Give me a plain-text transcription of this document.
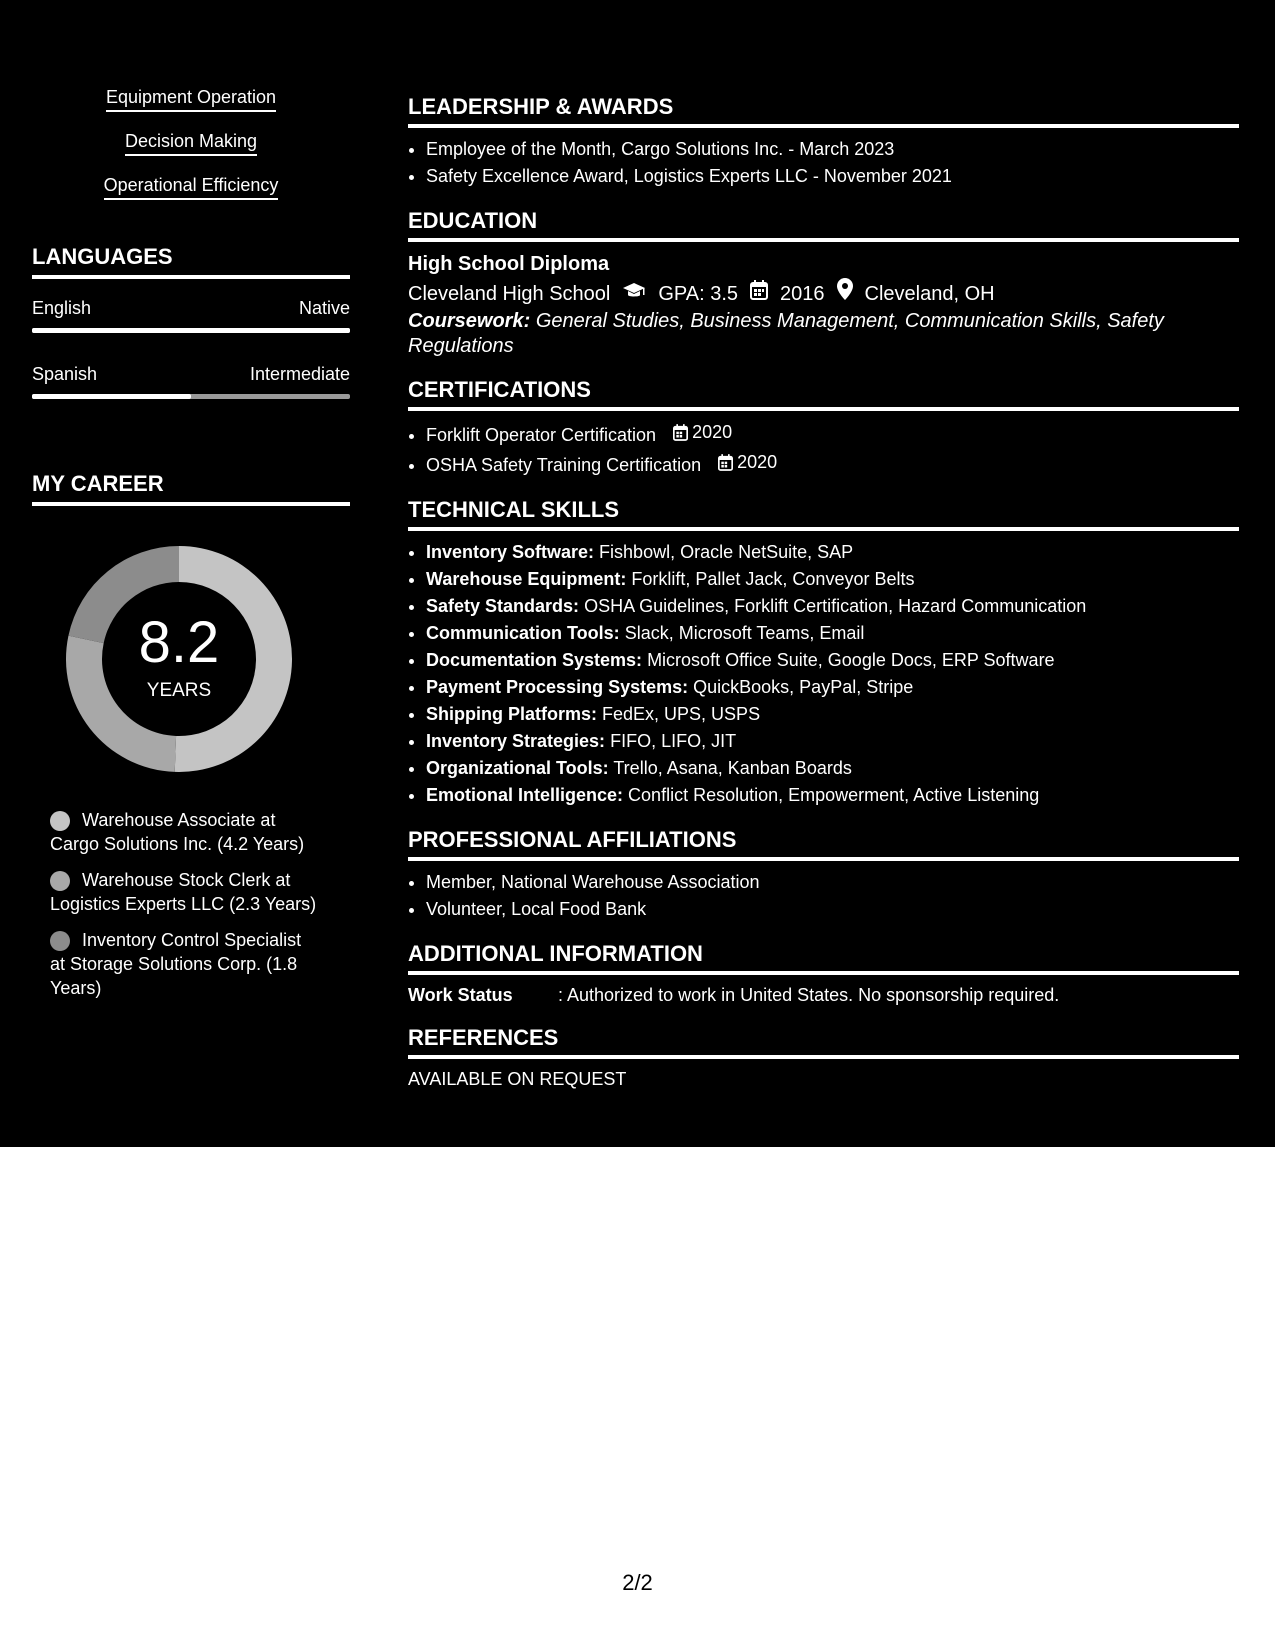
Equipment Operation
Decision Making
Operational Efficiency
LANGUAGES
English	Native
Spanish	Intermediate
MY CAREER
8.2
YEARS
Warehouse Associate at Cargo Solutions Inc. (4.2 Years)
Warehouse Stock Clerk at Logistics Experts LLC (2.3 Years)
Inventory Control Specialist at Storage Solutions Corp. (1.8 Years)
LEADERSHIP & AWARDS
• Employee of the Month, Cargo Solutions Inc. - March 2023
• Safety Excellence Award, Logistics Experts LLC - November 2021
EDUCATION
High School Diploma
Cleveland High School GPA: 3.5 2016 Cleveland, OH
Coursework: General Studies, Business Management, Communication Skills, Safety Regulations
CERTIFICATIONS
• Forklift Operator Certification 2020
• OSHA Safety Training Certification 2020
TECHNICAL SKILLS
• Inventory Software: Fishbowl, Oracle NetSuite, SAP
• Warehouse Equipment: Forklift, Pallet Jack, Conveyor Belts
• Safety Standards: OSHA Guidelines, Forklift Certification, Hazard Communication
• Communication Tools: Slack, Microsoft Teams, Email
• Documentation Systems: Microsoft Office Suite, Google Docs, ERP Software
• Payment Processing Systems: QuickBooks, PayPal, Stripe
• Shipping Platforms: FedEx, UPS, USPS
• Inventory Strategies: FIFO, LIFO, JIT
• Organizational Tools: Trello, Asana, Kanban Boards
• Emotional Intelligence: Conflict Resolution, Empowerment, Active Listening
PROFESSIONAL AFFILIATIONS
• Member, National Warehouse Association
• Volunteer, Local Food Bank
ADDITIONAL INFORMATION
Work Status	: Authorized to work in United States. No sponsorship required.
REFERENCES
AVAILABLE ON REQUEST
2/2
